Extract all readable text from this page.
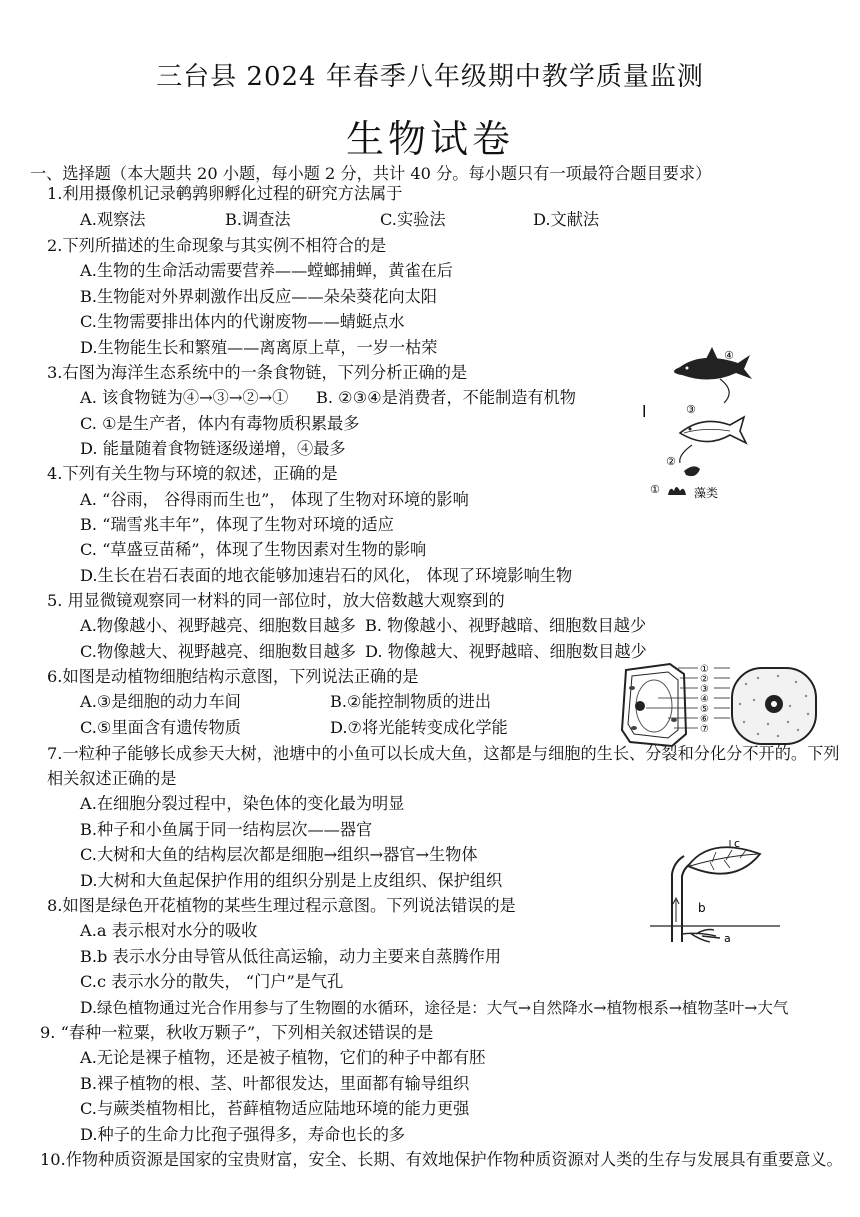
三台县 2024 年春季八年级期中教学质量监测
生物试卷
一、选择题（本大题共 20 小题，每小题 2 分，共计 40 分。每小题只有一项最符合题目要求）
1.利用摄像机记录鹌鹑卵孵化过程的研究方法属于
A.观察法	B.调查法	C.实验法	D.文献法
2.下列所描述的生命现象与其实例不相符合的是
A.生物的生命活动需要营养——螳螂捕蝉，黄雀在后
B.生物能对外界刺激作出反应——朵朵葵花向太阳
C.生物需要排出体内的代谢废物——蜻蜓点水
D.生物能生长和繁殖——离离原上草，一岁一枯荣
3.右图为海洋生态系统中的一条食物链，下列分析正确的是
A. 该食物链为④→③→②→① B. ②③④是消费者，不能制造有机物
C. ①是生产者，体内有毒物质积累最多
D. 能量随着食物链逐级递增，④最多
4.下列有关生物与环境的叙述，正确的是
A. “谷雨， 谷得雨而生也”， 体现了生物对环境的影响
B. “瑞雪兆丰年”，体现了生物对环境的适应
C. “草盛豆苗稀”，体现了生物因素对生物的影响
D.生长在岩石表面的地衣能够加速岩石的风化， 体现了环境影响生物
5. 用显微镜观察同一材料的同一部位时，放大倍数越大观察到的
A.物像越小、视野越亮、细胞数目越多 B. 物像越小、视野越暗、细胞数目越少
C.物像越大、视野越亮、细胞数目越多 D. 物像越大、视野越暗、细胞数目越少
6.如图是动植物细胞结构示意图，下列说法正确的是
A.③是细胞的动力车间	B.②能控制物质的进出
C.⑤里面含有遗传物质	D.⑦将光能转变成化学能
7.一粒种子能够长成参天大树，池塘中的小鱼可以长成大鱼，这都是与细胞的生长、分裂和分化分不开的。下列
相关叙述正确的是
A.在细胞分裂过程中，染色体的变化最为明显
B.种子和小鱼属于同一结构层次——器官
C.大树和大鱼的结构层次都是细胞→组织→器官→生物体
D.大树和大鱼起保护作用的组织分别是上皮组织、保护组织
8.如图是绿色开花植物的某些生理过程示意图。下列说法错误的是
A.a 表示根对水分的吸收
B.b 表示水分由导管从低往高运输，动力主要来自蒸腾作用
C.c 表示水分的散失， “门户”是气孔
D.绿色植物通过光合作用参与了生物圈的水循环，途径是：大气→自然降水→植物根系→植物茎叶→大气
9. “春种一粒粟，秋收万颗子”，下列相关叙述错误的是
A.无论是裸子植物，还是被子植物，它们的种子中都有胚
B.裸子植物的根、茎、叶都很发达，里面都有输导组织
C.与蕨类植物相比，苔藓植物适应陆地环境的能力更强
D.种子的生命力比孢子强得多，寿命也长的多
10.作物种质资源是国家的宝贵财富，安全、长期、有效地保护作物种质资源对人类的生存与发展具有重要意义。
l
④
③
②
①	藻类
①
②
③
④
⑤
⑥
⑦
c
b
a
